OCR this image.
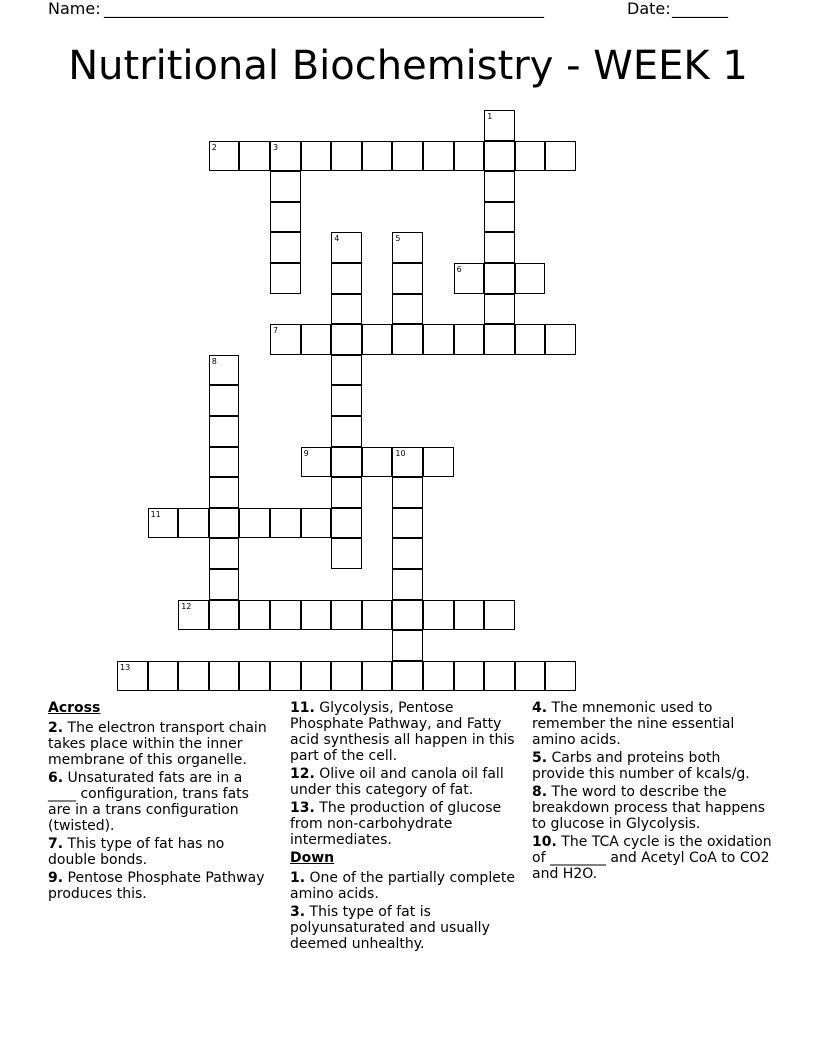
Name: _______________________________________________________	Date: _______
Nutritional Biochemistry - WEEK 1
1
2	3
4	5
6
7
8
9	10
11
12
13
Across
2. The electron transport chain takes place within the inner membrane of this organelle.
6. Unsaturated fats are in a ____ configuration, trans fats are in a trans configuration (twisted).
7. This type of fat has no double bonds.
9. Pentose Phosphate Pathway produces this.
11. Glycolysis, Pentose Phosphate Pathway, and Fatty acid synthesis all happen in this part of the cell.
12. Olive oil and canola oil fall under this category of fat.
13. The production of glucose from non-carbohydrate intermediates.
Down
1. One of the partially complete amino acids.
3. This type of fat is polyunsaturated and usually deemed unhealthy.
4. The mnemonic used to remember the nine essential amino acids.
5. Carbs and proteins both provide this number of kcals/g.
8. The word to describe the breakdown process that happens to glucose in Glycolysis.
10. The TCA cycle is the oxidation of ________ and Acetyl CoA to CO2 and H2O.
